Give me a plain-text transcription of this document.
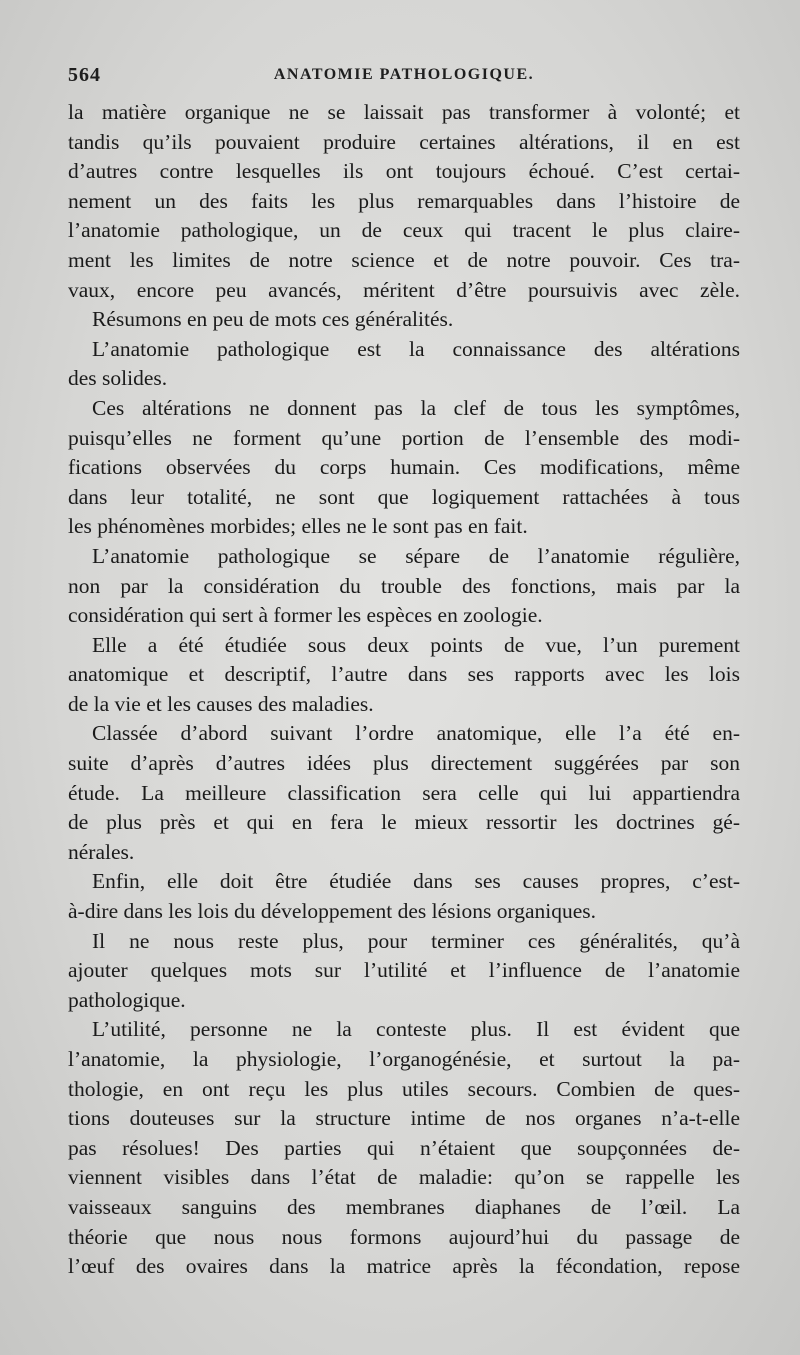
564	ANATOMIE PATHOLOGIQUE.
la matière organique ne se laissait pas transformer à volonté; et
tandis qu’ils pouvaient produire certaines altérations, il en est
d’autres contre lesquelles ils ont toujours échoué. C’est certai-
nement un des faits les plus remarquables dans l’histoire de
l’anatomie pathologique, un de ceux qui tracent le plus claire-
ment les limites de notre science et de notre pouvoir. Ces tra-
vaux, encore peu avancés, méritent d’être poursuivis avec zèle.
Résumons en peu de mots ces généralités.
L’anatomie pathologique est la connaissance des altérations
des solides.
Ces altérations ne donnent pas la clef de tous les symptômes,
puisqu’elles ne forment qu’une portion de l’ensemble des modi-
fications observées du corps humain. Ces modifications, même
dans leur totalité, ne sont que logiquement rattachées à tous
les phénomènes morbides; elles ne le sont pas en fait.
L’anatomie pathologique se sépare de l’anatomie régulière,
non par la considération du trouble des fonctions, mais par la
considération qui sert à former les espèces en zoologie.
Elle a été étudiée sous deux points de vue, l’un purement
anatomique et descriptif, l’autre dans ses rapports avec les lois
de la vie et les causes des maladies.
Classée d’abord suivant l’ordre anatomique, elle l’a été en-
suite d’après d’autres idées plus directement suggérées par son
étude. La meilleure classification sera celle qui lui appartiendra
de plus près et qui en fera le mieux ressortir les doctrines gé-
nérales.
Enfin, elle doit être étudiée dans ses causes propres, c’est-
à-dire dans les lois du développement des lésions organiques.
Il ne nous reste plus, pour terminer ces généralités, qu’à
ajouter quelques mots sur l’utilité et l’influence de l’anatomie
pathologique.
L’utilité, personne ne la conteste plus. Il est évident que
l’anatomie, la physiologie, l’organogénésie, et surtout la pa-
thologie, en ont reçu les plus utiles secours. Combien de ques-
tions douteuses sur la structure intime de nos organes n’a-t-elle
pas résolues! Des parties qui n’étaient que soupçonnées de-
viennent visibles dans l’état de maladie: qu’on se rappelle les
vaisseaux sanguins des membranes diaphanes de l’œil. La
théorie que nous nous formons aujourd’hui du passage de
l’œuf des ovaires dans la matrice après la fécondation, repose
